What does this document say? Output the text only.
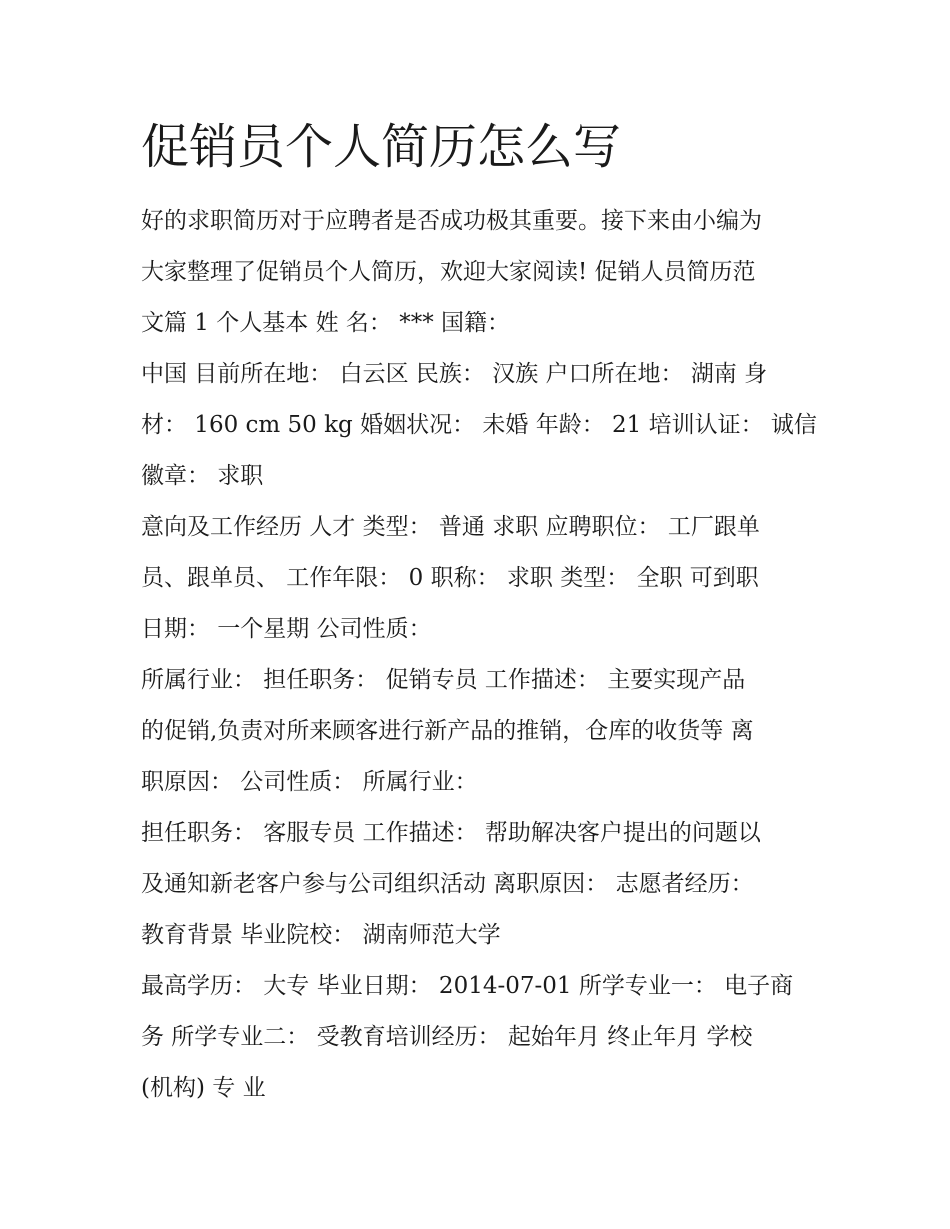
促销员个人简历怎么写

好的求职简历对于应聘者是否成功极其重要。接下来由小编为
大家整理了促销员个人简历，欢迎大家阅读! 促销人员简历范
文篇 1 个人基本 姓 名： *** 国籍：

中国 目前所在地： 白云区 民族： 汉族 户口所在地： 湖南 身
材： 160 cm 50 kg 婚姻状况： 未婚 年龄： 21 培训认证： 诚信
徽章： 求职

意向及工作经历 人才 类型： 普通 求职 应聘职位： 工厂跟单
员、跟单员、 工作年限： 0 职称： 求职 类型： 全职 可到职
日期： 一个星期 公司性质：

所属行业： 担任职务： 促销专员 工作描述： 主要实现产品
的促销,负责对所来顾客进行新产品的推销，仓库的收货等 离
职原因： 公司性质： 所属行业：

担任职务： 客服专员 工作描述： 帮助解决客户提出的问题以
及通知新老客户参与公司组织活动 离职原因： 志愿者经历：
教育背景 毕业院校： 湖南师范大学

最高学历： 大专 毕业日期： 2014-07-01 所学专业一： 电子商
务 所学专业二： 受教育培训经历： 起始年月 终止年月 学校
(机构) 专 业
